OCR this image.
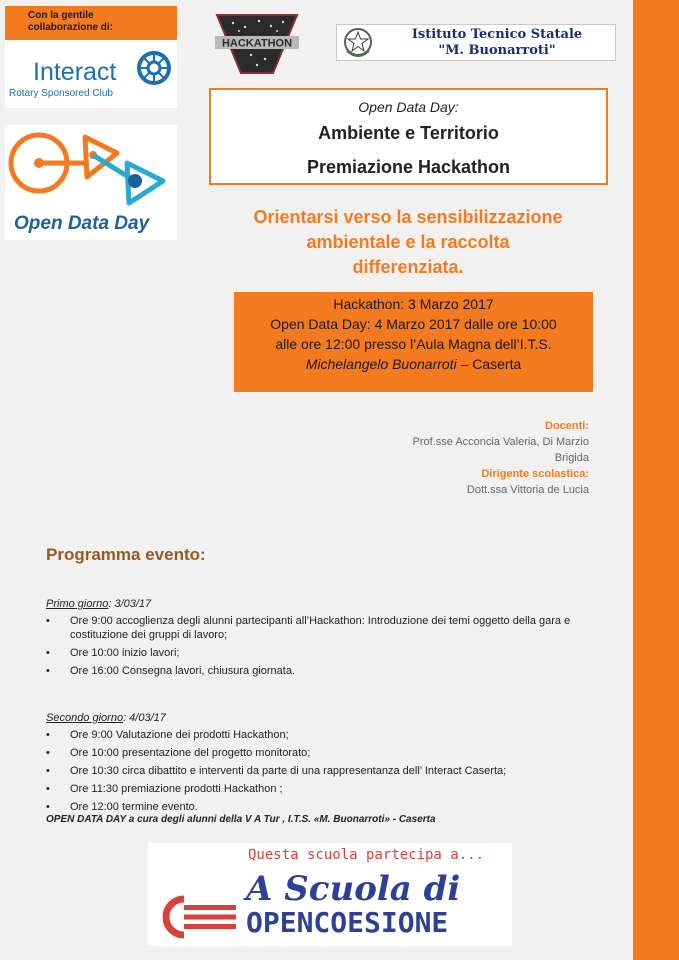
Con la gentile
collaborazione di:
Interact
Rotary Sponsored Club
Open Data Day
HACKATHON
Istituto Tecnico Statale
"M. Buonarroti"
Open Data Day:
Ambiente e Territorio
Premiazione Hackathon
Orientarsi verso la sensibilizzazione
ambientale e la raccolta
differenziata.
Hackathon: 3 Marzo 2017
Open Data Day: 4 Marzo 2017 dalle ore 10:00
alle ore 12:00 presso l’Aula Magna dell’I.T.S.
Michelangelo Buonarroti – Caserta
Docenti:
Prof.sse Acconcia Valeria, Di Marzio
Brigida
Dirigente scolastica:
Dott.ssa Vittoria de Lucia
Programma evento:
Primo giorno: 3/03/17
• Ore 9:00 accoglienza degli alunni partecipanti all’Hackathon: Introduzione dei temi oggetto della gara e costituzione dei gruppi di lavoro;
• Ore 10:00 inizio lavori;
• Ore 16:00 Consegna lavori, chiusura giornata.
Secondo giorno: 4/03/17
• Ore 9:00 Valutazione dei prodotti Hackathon;
• Ore 10:00 presentazione del progetto monitorato;
• Ore 10:30 circa dibattito e interventi da parte di una rappresentanza dell’ Interact Caserta;
• Ore 11:30 premiazione prodotti Hackathon ;
• Ore 12:00 termine evento.
OPEN DATA DAY a cura degli alunni della V A Tur , I.T.S. «M. Buonarroti» - Caserta
Questa scuola partecipa a...
A Scuola di
OPENCOESIONE
